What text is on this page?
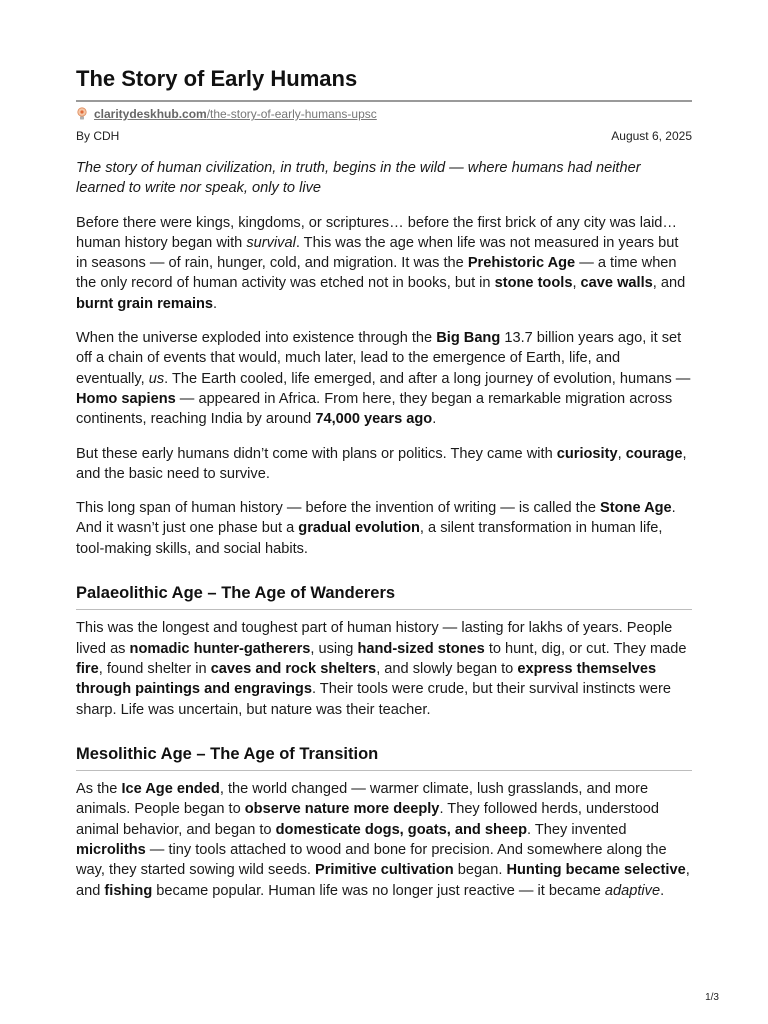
The Story of Early Humans
claritydeskhub.com/the-story-of-early-humans-upsc
By CDH	August 6, 2025

The story of human civilization, in truth, begins in the wild — where humans had neither learned to write nor speak, only to live

Before there were kings, kingdoms, or scriptures… before the first brick of any city was laid… human history began with survival. This was the age when life was not measured in years but in seasons — of rain, hunger, cold, and migration. It was the Prehistoric Age — a time when the only record of human activity was etched not in books, but in stone tools, cave walls, and burnt grain remains.

When the universe exploded into existence through the Big Bang 13.7 billion years ago, it set off a chain of events that would, much later, lead to the emergence of Earth, life, and eventually, us. The Earth cooled, life emerged, and after a long journey of evolution, humans — Homo sapiens — appeared in Africa. From here, they began a remarkable migration across continents, reaching India by around 74,000 years ago.

But these early humans didn’t come with plans or politics. They came with curiosity, courage, and the basic need to survive.

This long span of human history — before the invention of writing — is called the Stone Age. And it wasn’t just one phase but a gradual evolution, a silent transformation in human life, tool-making skills, and social habits.

Palaeolithic Age – The Age of Wanderers

This was the longest and toughest part of human history — lasting for lakhs of years. People lived as nomadic hunter-gatherers, using hand-sized stones to hunt, dig, or cut. They made fire, found shelter in caves and rock shelters, and slowly began to express themselves through paintings and engravings. Their tools were crude, but their survival instincts were sharp. Life was uncertain, but nature was their teacher.

Mesolithic Age – The Age of Transition

As the Ice Age ended, the world changed — warmer climate, lush grasslands, and more animals. People began to observe nature more deeply. They followed herds, understood animal behavior, and began to domesticate dogs, goats, and sheep. They invented microliths — tiny tools attached to wood and bone for precision. And somewhere along the way, they started sowing wild seeds. Primitive cultivation began. Hunting became selective, and fishing became popular. Human life was no longer just reactive — it became adaptive.

1/3
